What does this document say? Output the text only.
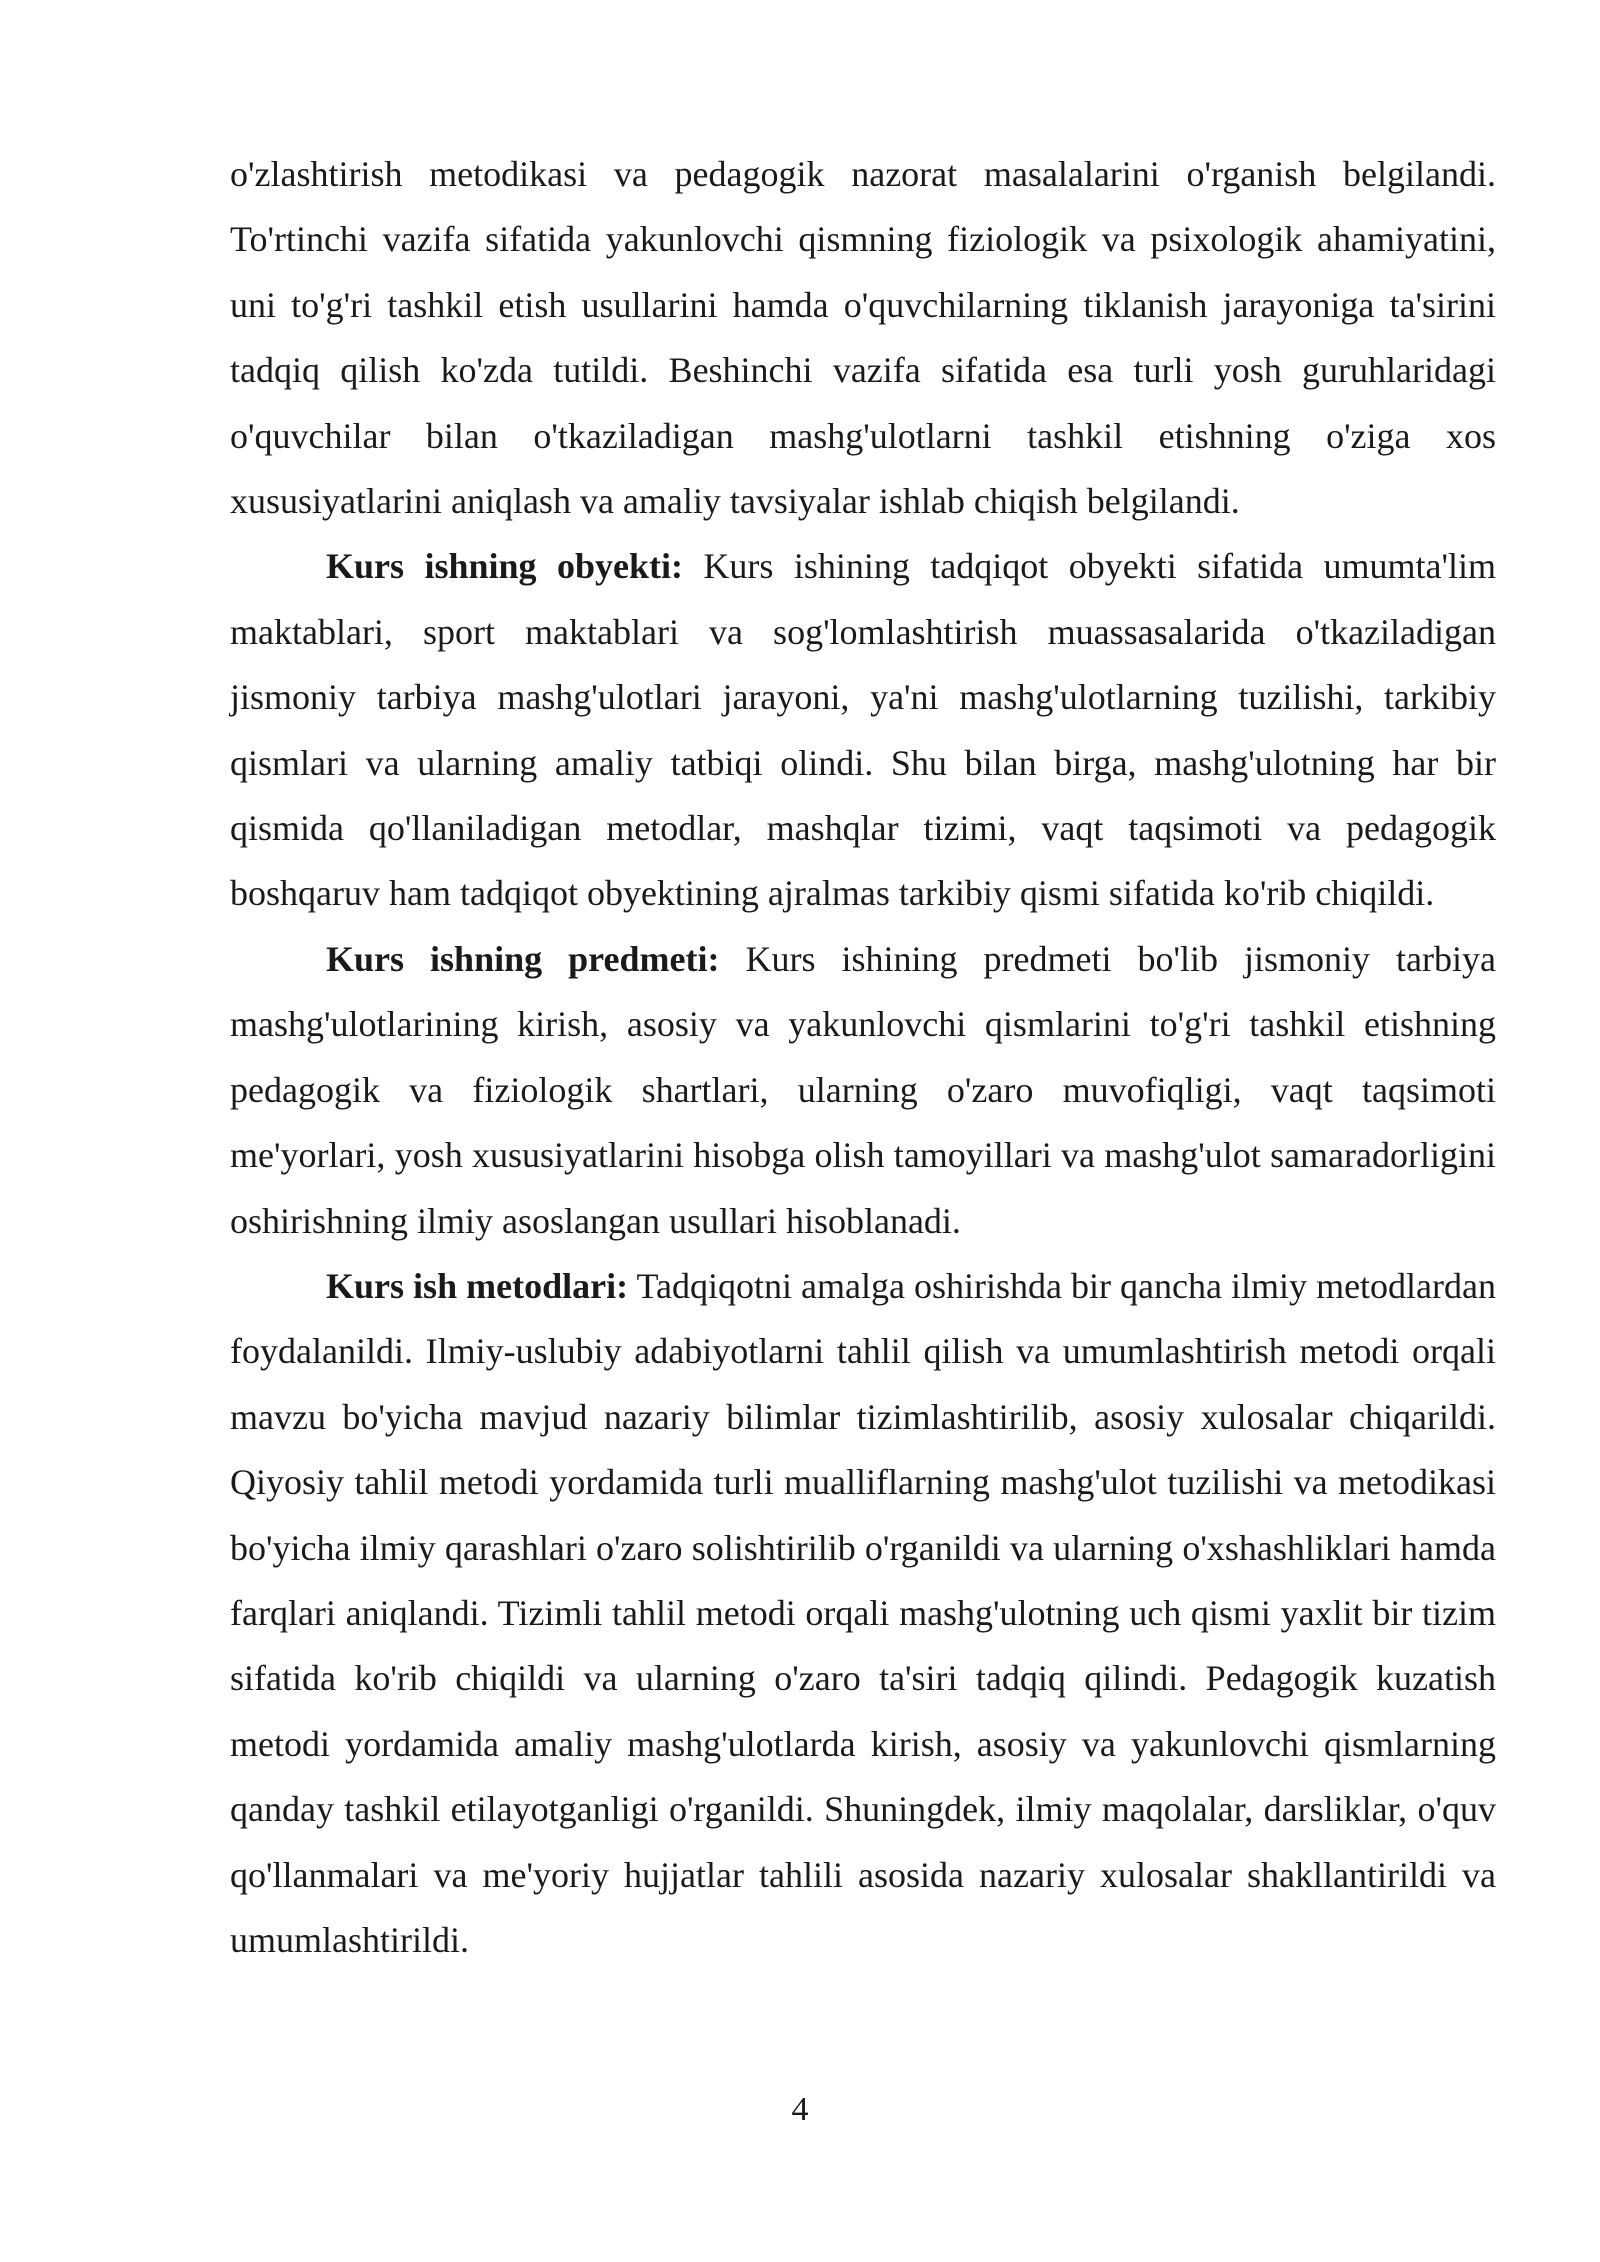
o'zlashtirish metodikasi va pedagogik nazorat masalalarini o'rganish belgilandi. To'rtinchi vazifa sifatida yakunlovchi qismning fiziologik va psixologik ahamiyatini, uni to'g'ri tashkil etish usullarini hamda o'quvchilarning tiklanish jarayoniga ta'sirini tadqiq qilish ko'zda tutildi. Beshinchi vazifa sifatida esa turli yosh guruhlaridagi o'quvchilar bilan o'tkaziladigan mashg'ulotlarni tashkil etishning o'ziga xos xususiyatlarini aniqlash va amaliy tavsiyalar ishlab chiqish belgilandi.

Kurs ishning obyekti: Kurs ishining tadqiqot obyekti sifatida umumta'lim maktablari, sport maktablari va sog'lomlashtirish muassasalarida o'tkaziladigan jismoniy tarbiya mashg'ulotlari jarayoni, ya'ni mashg'ulotlarning tuzilishi, tarkibiy qismlari va ularning amaliy tatbiqi olindi. Shu bilan birga, mashg'ulotning har bir qismida qo'llaniladigan metodlar, mashqlar tizimi, vaqt taqsimoti va pedagogik boshqaruv ham tadqiqot obyektining ajralmas tarkibiy qismi sifatida ko'rib chiqildi.

Kurs ishning predmeti: Kurs ishining predmeti bo'lib jismoniy tarbiya mashg'ulotlarining kirish, asosiy va yakunlovchi qismlarini to'g'ri tashkil etishning pedagogik va fiziologik shartlari, ularning o'zaro muvofiqligi, vaqt taqsimoti me'yorlari, yosh xususiyatlarini hisobga olish tamoyillari va mashg'ulot samaradorligini oshirishning ilmiy asoslangan usullari hisoblanadi.

Kurs ish metodlari: Tadqiqotni amalga oshirishda bir qancha ilmiy metodlardan foydalanildi. Ilmiy-uslubiy adabiyotlarni tahlil qilish va umumlashtirish metodi orqali mavzu bo'yicha mavjud nazariy bilimlar tizimlashtirilib, asosiy xulosalar chiqarildi. Qiyosiy tahlil metodi yordamida turli mualliflarning mashg'ulot tuzilishi va metodikasi bo'yicha ilmiy qarashlari o'zaro solishtirilib o'rganildi va ularning o'xshashliklari hamda farqlari aniqlandi. Tizimli tahlil metodi orqali mashg'ulotning uch qismi yaxlit bir tizim sifatida ko'rib chiqildi va ularning o'zaro ta'siri tadqiq qilindi. Pedagogik kuzatish metodi yordamida amaliy mashg'ulotlarda kirish, asosiy va yakunlovchi qismlarning qanday tashkil etilayotganligi o'rganildi. Shuningdek, ilmiy maqolalar, darsliklar, o'quv qo'llanmalari va me'yoriy hujjatlar tahlili asosida nazariy xulosalar shakllantirildi va umumlashtirildi.

4
